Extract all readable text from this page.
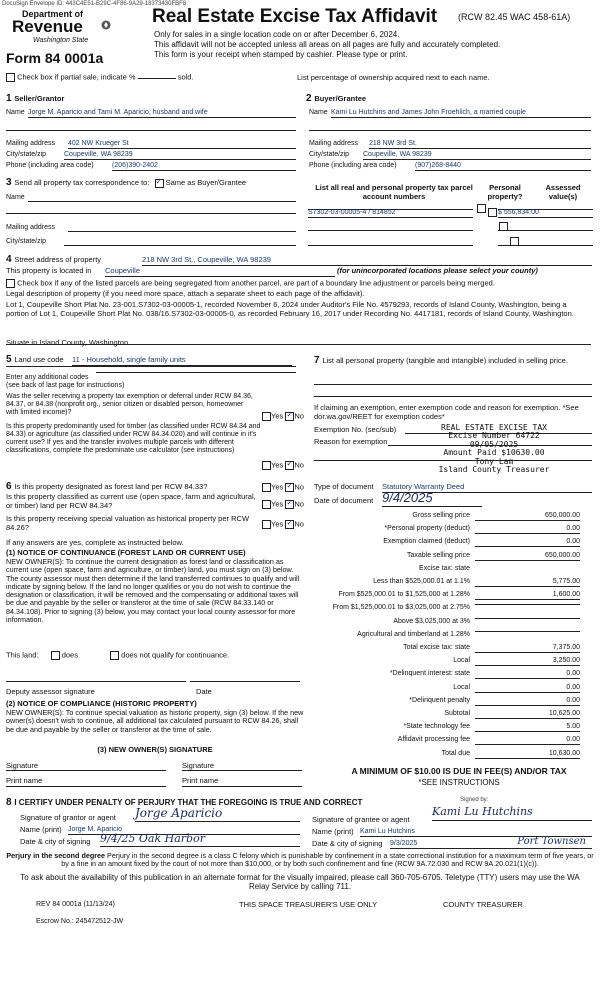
DocuSign Envelope ID: 443C4E51-B29C-4F86-9A29-18373430FBF8
Department of
Revenue
Washington State
Form 84 0001a
Real Estate Excise Tax Affidavit (RCW 82.45 WAC 458-61A)
Only for sales in a single location code on or after December 6, 2024.
This affidavit will not be accepted unless all areas on all pages are fully and accurately completed.
This form is your receipt when stamped by cashier. Please type or print.
Check box if partial sale, indicate %	sold.	List percentage of ownership acquired next to each name.
1 Seller/Grantor
Name Jorge M. Aparicio and Tami M. Aparicio, husband and wife
Mailing address 402 NW Krueger St
City/state/zip	Coupeville, WA 98239
Phone (including area code)	(206)390-2402
2 Buyer/Grantee
Name Kami Lu Hutchins and James John Froehlich, a married couple
Mailing address 218 NW 3rd St.
City/state/zip Coupeville, WA 98239
Phone (including area code)	(907)268-8440
3 Send all property tax correspondence to: ✓ Same as Buyer/Grantee
Name
Mailing address
City/state/zip
List all real and personal property tax parcel account numbers
Personal property?
Assessed value(s)

S7302-03-00005-4 / 814852
	$ 556,834.00

4 Street address of property	218 NW 3rd St., Coupeville, WA 98239
This property is located in Coupeville	(for unincorporated locations please select your county)
Check box if any of the listed parcels are being segregated from another parcel, are part of a boundary line adjustment or parcels being merged.
Legal description of property (if you need more space, attach a separate sheet to each page of the affidavit).
Lot 1, Coupeville Short Plat No. 23-001.S7302-03-00005-1, recorded November 6, 2024 under Auditor's File No. 4579293, records of Island County, Washington, being a portion of Lot 1, Coupeville Short Plat No. 038/16.S7302-03-00005-0, as recorded February 16, 2017 under Recording No. 4417181, records of Island County, Washington.
Situate in Island County, Washington
5 Land use code 11 - Household, single family units
Enter any additional codes
(see back of last page for instructions)
Was the seller receiving a property tax exemption or deferral under RCW 84.36, 84.37, or 84.38 (nonprofit org., senior citizen or disabled person, homeowner with limited income)?	Yes ✓ No
Is this property predominantly used for timber (as classified under RCW 84.34 and 84.33) or agriculture (as classified under RCW 84.34.020) and will continue in it's current use? If yes and the transfer involves multiple parcels with different classifications, complete the predominate use calculator (see instructions)
Yes ✓ No
7 List all personal property (tangible and intangible) included in selling price.
If claiming an exemption, enter exemption code and reason for exemption. *See dor.wa.gov/REET for exemption codes*
Exemption No. (sec/sub)
Reason for exemption
REAL ESTATE EXCISE TAX
Excise Number 64722
09/05/2025
Amount Paid $10630.00
Tony Lam
Island County Treasurer
6 Is this property designated as forest land per RCW 84.33?	Yes ✓ No
Is this property classified as current use (open space, farm and agricultural, or timber) land per RCW 84.34?	Yes ✓ No
Is this property receiving special valuation as historical property per RCW 84.26?	Yes ✓ No
If any answers are yes, complete as instructed below.
(1) NOTICE OF CONTINUANCE (FOREST LAND OR CURRENT USE)
NEW OWNER(S): To continue the current designation as forest land or classification as current use (open space, farm and agriculture, or timber) land, you must sign on (3) below. The county assessor must then determine if the land transferred continues to qualify and will indicate by signing below. If the land no longer qualifies or you do not wish to continue the designation or classification, it will be removed and the compensating or additional taxes will be due and payable by the seller or transferor at the time of sale (RCW 84.33.140 or 84.34.108). Prior to signing (3) below, you may contact your local county assessor for more information.
This land:	does	does not qualify for continuance.
Deputy assessor signature	Date
(2) NOTICE OF COMPLIANCE (HISTORIC PROPERTY)
NEW OWNER(S): To continue special valuation as historic property, sign (3) below. If the new owner(s) doesn't wish to continue, all additional tax calculated pursuant to RCW 84.26, shall be due and payable by the seller or transferor at the time of sale.
(3) NEW OWNER(S) SIGNATURE
Signature	Signature
Print name	Print name
Type of document Statutory Warranty Deed
Date of document 9/4/2025
Gross selling price	650,000.00
*Personal property (deduct)	0.00
Exemption claimed (deduct)	0.00
Taxable selling price	650,000.00
Excise tax: state
Less than $525,000.01 at 1.1%	5,775.00
From $525,000.01 to $1,525,000 at 1.28%	1,600.00
From $1,525,000.01 to $3,025,000 at 2.75%
Above $3,025,000 at 3%
Agricultural and timberland at 1.28%
Total excise tax: state	7,375.00
Local	3,250.00
*Delinquent interest: state	0.00
Local	0.00
*Delinquent penalty	0.00
Subtotal	10,625.00
*State technology fee	5.00
Affidavit processing fee	0.00
Total due	10,630.00
A MINIMUM OF $10.00 IS DUE IN FEE(S) AND/OR TAX
*SEE INSTRUCTIONS
8 I CERTIFY UNDER PENALTY OF PERJURY THAT THE FOREGOING IS TRUE AND CORRECT
Signature of grantor or agent Jorge Aparicio
Name (print) Jorge M. Aparicio
Date & city of signing 9/4/25 Oak Harbor
Signed by:
Signature of grantee or agent
Kami Lu Hutchins
Name (print) Kami Lu Hutchins
Date & city of signing 9/3/2025	Port Townsen
Perjury in the second degree Perjury in the second degree is a class C felony which is punishable by confinement in a state correctional institution for a maximum term of five years, or by a fine in an amount fixed by the court of not more than $10,000, or by both such confinement and fine (RCW 9A.72.030 and RCW 9A.20.021(1)(c)).
To ask about the availability of this publication in an alternate format for the visually impaired, please call 360-705-6705. Teletype (TTY) users may use the WA Relay Service by calling 711.
REV 84 0001a (11/13/24)	THIS SPACE TREASURER'S USE ONLY	COUNTY TREASURER
Escrow No.: 245472512-JW
